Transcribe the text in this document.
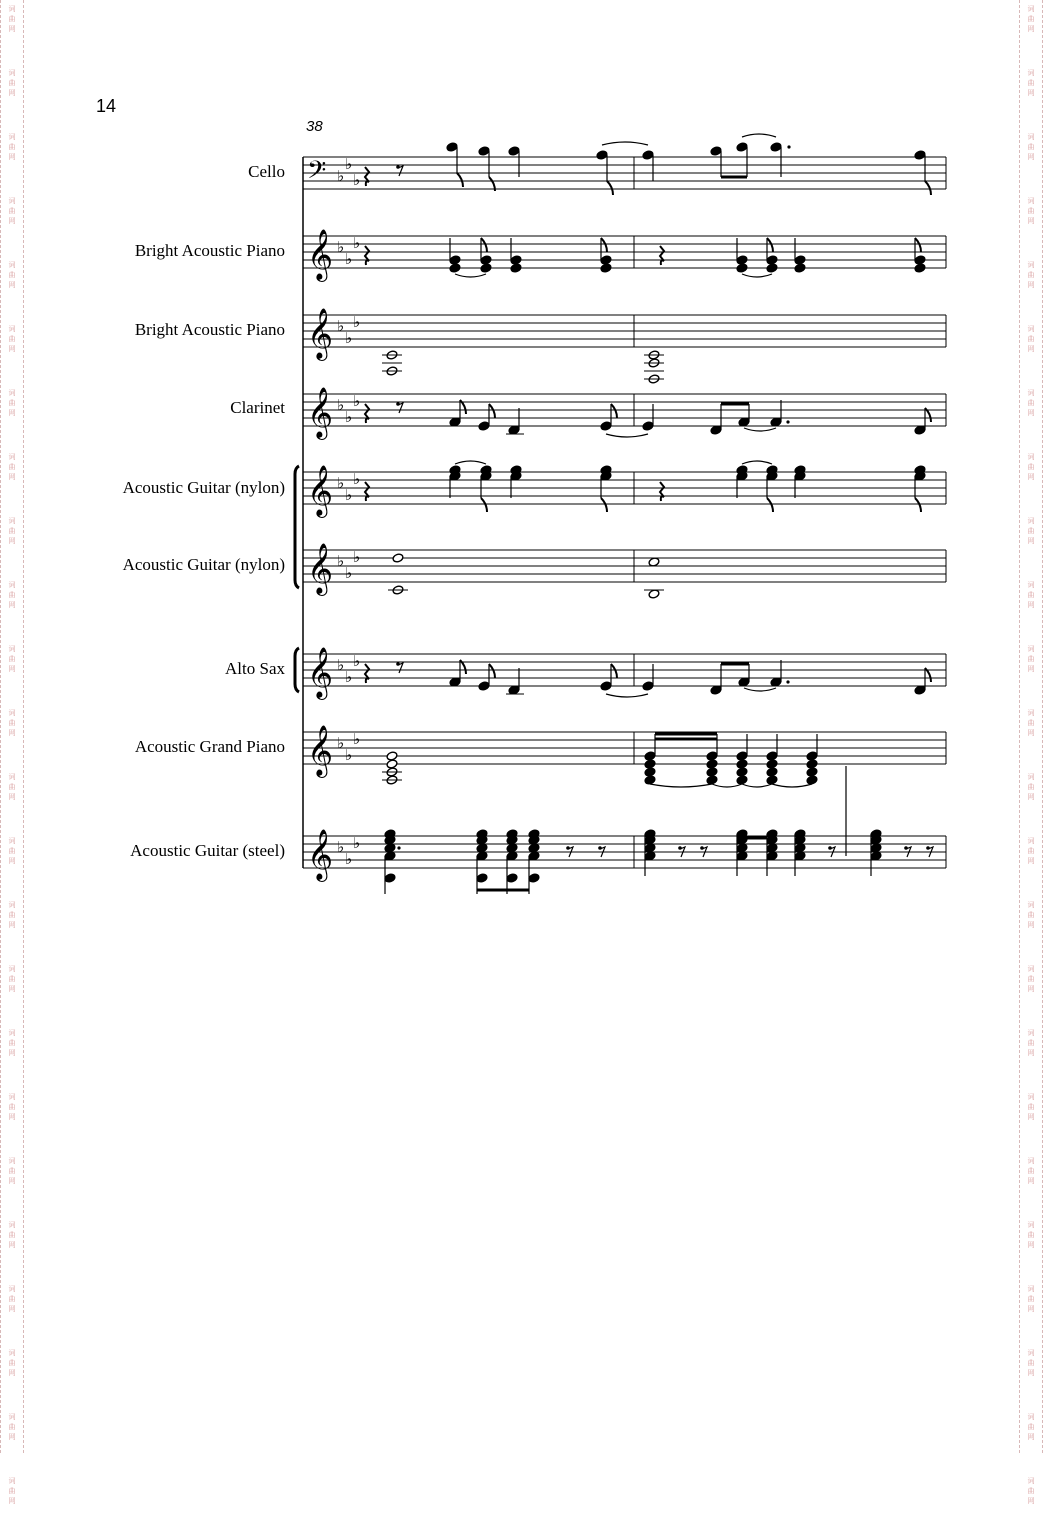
词
曲
网
词
曲
网
词
曲
网
词
曲
网
词
曲
网
词
曲
网
词
曲
网
词
曲
网
词
曲
网
词
曲
网
词
曲
网
词
曲
网
词
曲
网
词
曲
网
词
曲
网
词
曲
网
词
曲
网
词
曲
网
词
曲
网
词
曲
网
词
曲
网
词
曲
网
词
曲
网
词
曲
网
词
曲
网
词
曲
网
词
曲
网
词
曲
网
词
曲
网
词
曲
网
词
曲
网
词
曲
网
词
曲
网
词
曲
网
词
曲
网
词
曲
网
词
曲
网
词
曲
网
词
曲
网
词
曲
网
词
曲
网
词
曲
网
词
曲
网
词
曲
网
词
曲
网
词
曲
网
词
曲
网
词
曲
网
14
38
Cello
Bright Acoustic Piano
Bright Acoustic Piano
Clarinet
Acoustic Guitar (nylon)
Acoustic Guitar (nylon)
Alto Sax
Acoustic Grand Piano
Acoustic Guitar (steel)
𝄢 ♭
♭
♭
𝄞 ♭
♭
♭
𝄞 ♭
♭
♭
𝄞 ♭
♭
♭
𝄞 ♭
♭
♭
𝄞 ♭
♭
♭
𝄞 ♭
♭
♭
𝄞 ♭
♭
♭
𝄞 ♭
♭
♭
